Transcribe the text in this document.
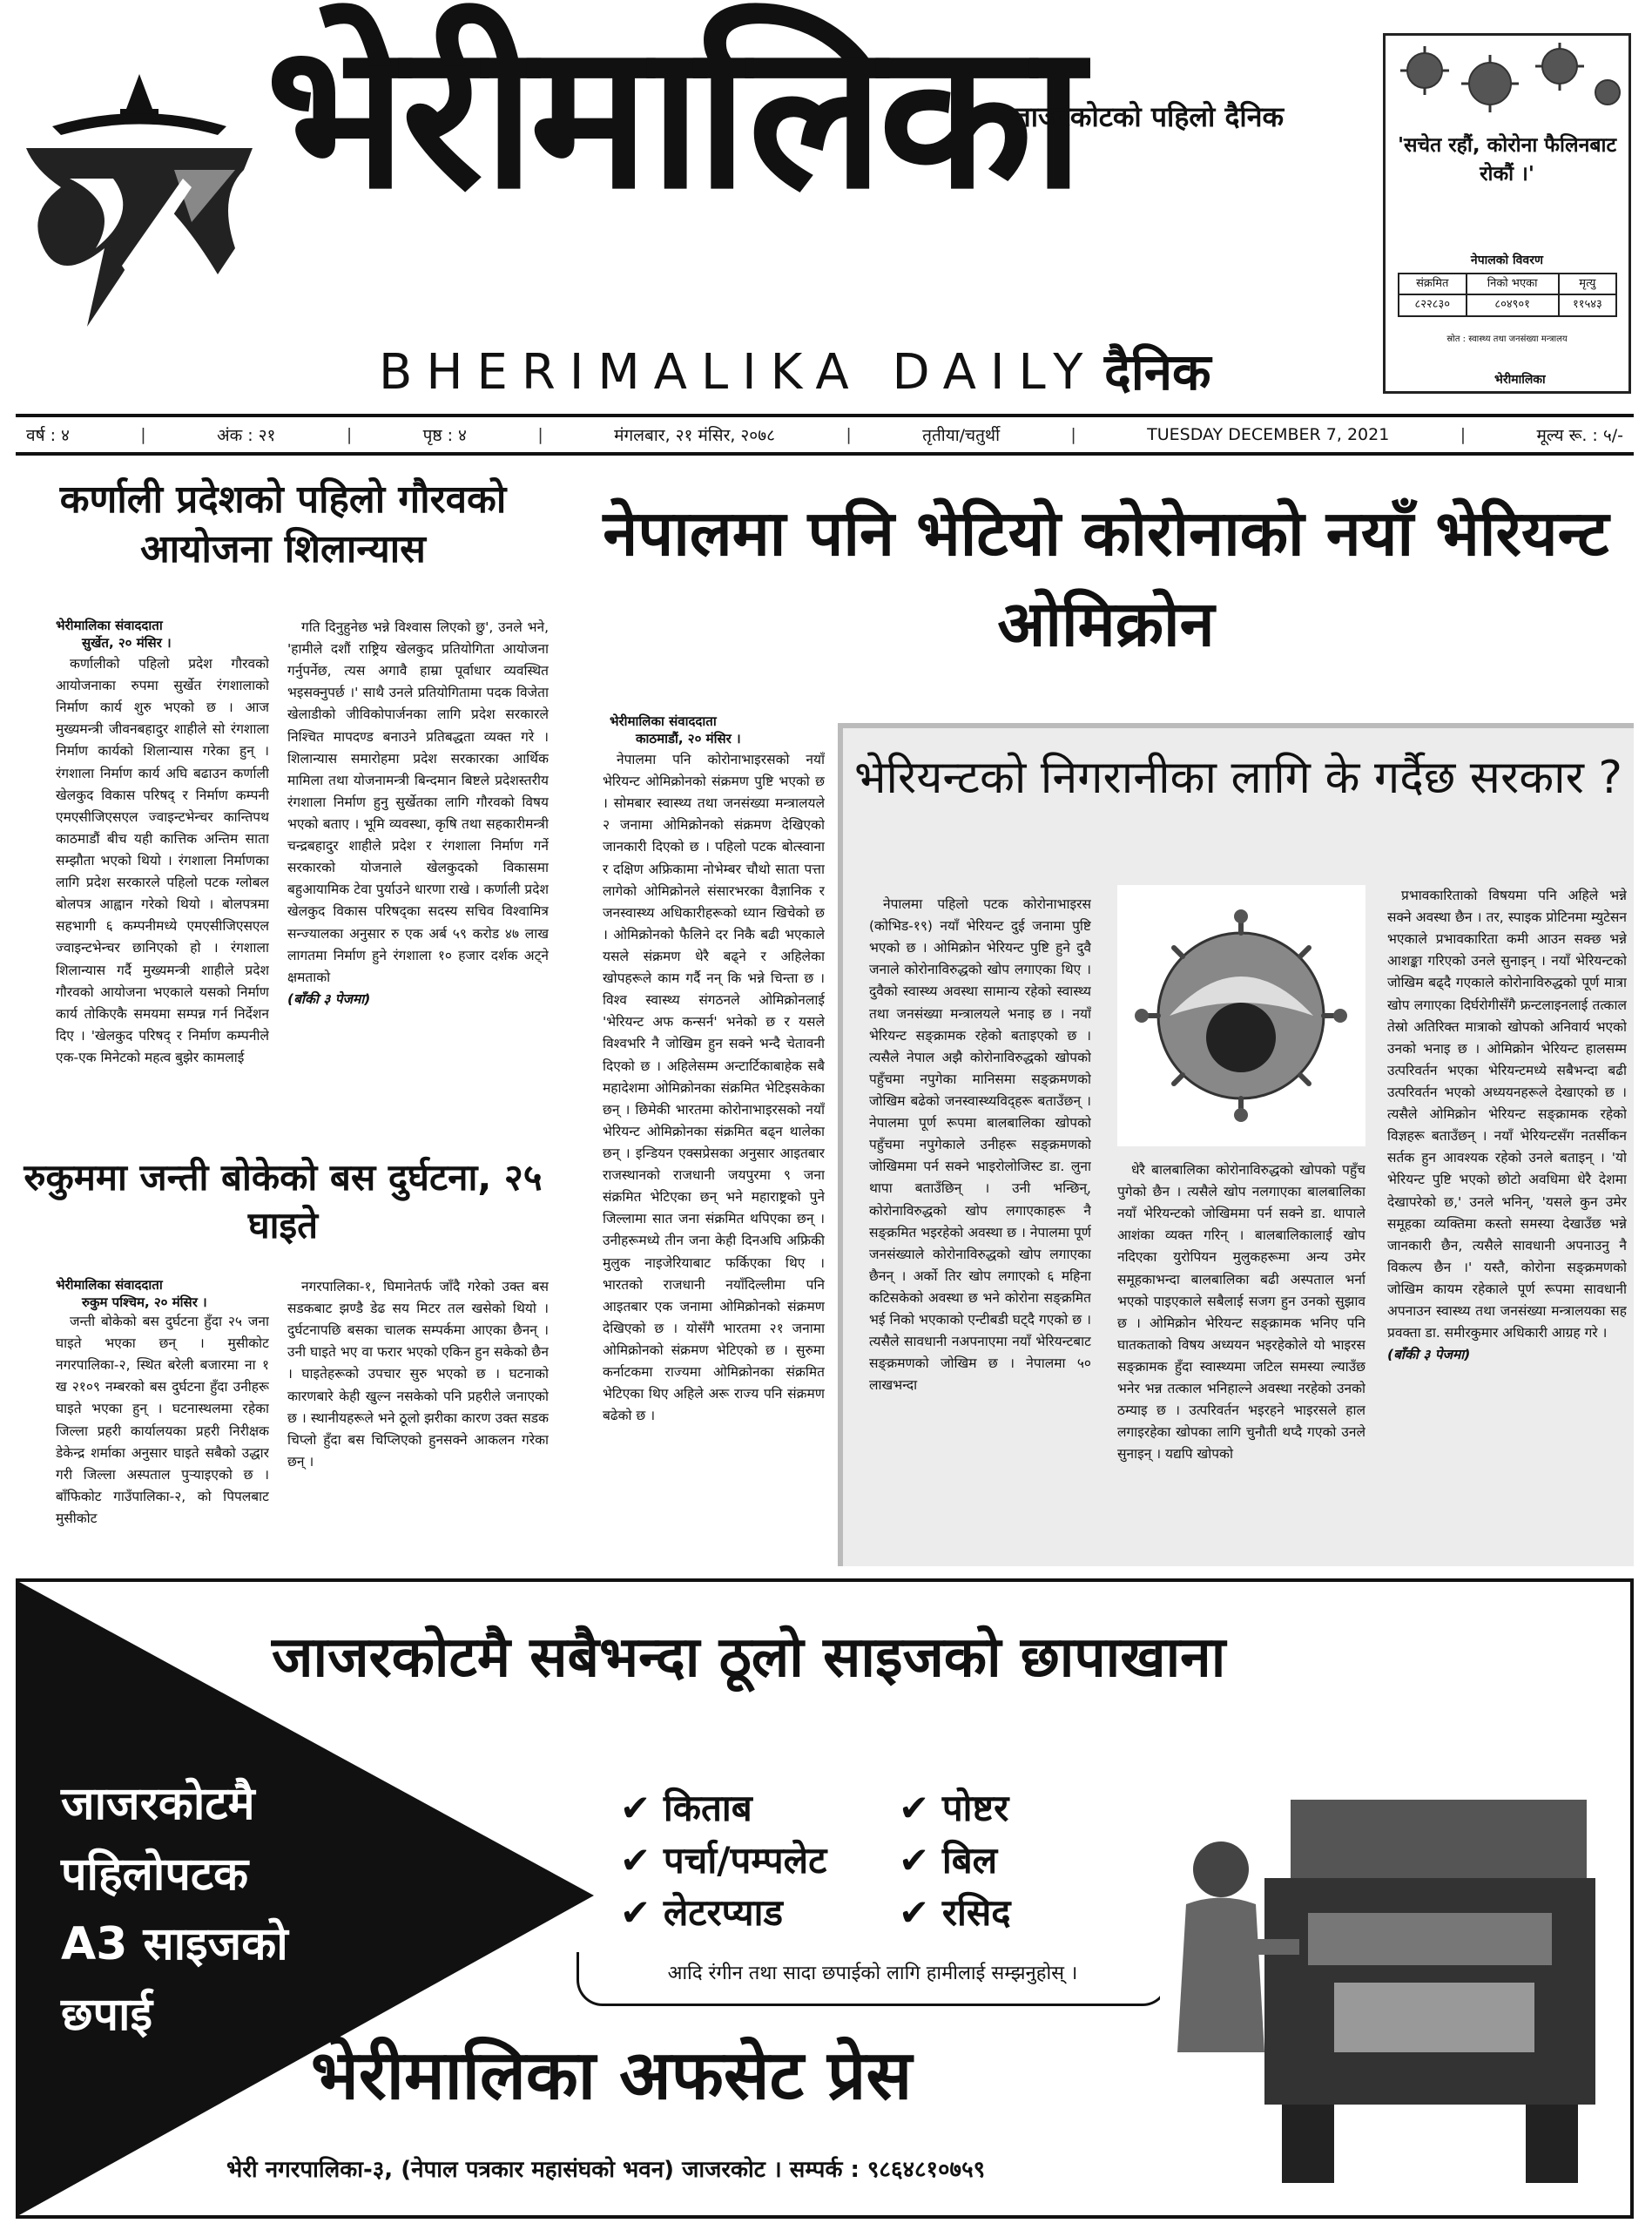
भेरीमालिका
जाजरकोटको पहिलो दैनिक
BHERIMALIKA DAILY दैनिक
'सचेत रहौं, कोरोना फैलिनबाट रोकौं ।'
नेपालको विवरण
संक्रमित	निको भएका	मृत्यु
८२२८३०	८०४९०१	११५४३
स्रोत : स्वास्थ्य तथा जनसंख्या मन्त्रालय
भेरीमालिका
वर्ष : ४	|	अंक : २१	|	पृष्ठ : ४	|	मंगलबार, २१ मंसिर, २०७८	|	तृतीया/चतुर्थी	|	TUESDAY DECEMBER 7, 2021	|	मूल्य रू. : ५/-
कर्णाली प्रदेशको पहिलो गौरवको आयोजना शिलान्यास
भेरीमालिका संवाददाता
सुर्खेत, २० मंसिर ।

कर्णालीको पहिलो प्रदेश गौरवको आयोजनाका रुपमा सुर्खेत रंगशालाको निर्माण कार्य शुरु भएको छ । आज मुख्यमन्त्री जीवनबहादुर शाहीले सो रंगशाला निर्माण कार्यको शिलान्यास गरेका हुन् । रंगशाला निर्माण कार्य अघि बढाउन कर्णाली खेलकुद विकास परिषद् र निर्माण कम्पनी एमएसीजिएसएल ज्वाइन्टभेन्चर कान्तिपथ काठमाडौं बीच यही कात्तिक अन्तिम साता सम्झौता भएको थियो । रंगशाला निर्माणका लागि प्रदेश सरकारले पहिलो पटक ग्लोबल बोलपत्र आह्वान गरेको थियो । बोलपत्रमा सहभागी ६ कम्पनीमध्ये एमएसीजिएसएल ज्वाइन्टभेन्चर छानिएको हो । रंगशाला शिलान्यास गर्दै मुख्यमन्त्री शाहीले प्रदेश गौरवको आयोजना भएकाले यसको निर्माण कार्य तोकिएकै समयमा सम्पन्न गर्न निर्देशन दिए । 'खेलकुद परिषद् र निर्माण कम्पनीले एक-एक मिनेटको महत्व बुझेर कामलाई

गति दिनुहुनेछ भन्ने विश्वास लिएको छु', उनले भने, 'हामीले दशौं राष्ट्रिय खेलकुद प्रतियोगिता आयोजना गर्नुपर्नेछ, त्यस अगावै हाम्रा पूर्वाधार व्यवस्थित भइसक्नुपर्छ ।' साथै उनले प्रतियोगितामा पदक विजेता खेलाडीको जीविकोपार्जनका लागि प्रदेश सरकारले निश्चित मापदण्ड बनाउने प्रतिबद्धता व्यक्त गरे । शिलान्यास समारोहमा प्रदेश सरकारका आर्थिक मामिला तथा योजनामन्त्री बिन्दमान बिष्टले प्रदेशस्तरीय रंगशाला निर्माण हुनु सुर्खेतका लागि गौरवको विषय भएको बताए । भूमि व्यवस्था, कृषि तथा सहकारीमन्त्री चन्द्रबहादुर शाहीले प्रदेश र रंगशाला निर्माण गर्ने सरकारको योजनाले खेलकुदको विकासमा बहुआयामिक टेवा पुर्याउने धारणा राखे । कर्णाली प्रदेश खेलकुद विकास परिषद्का सदस्य सचिव विश्वामित्र सन्ज्यालका अनुसार रु एक अर्ब ५९ करोड ४७ लाख लागतमा निर्माण हुने रंगशाला १० हजार दर्शक अट्ने क्षमताको

(बाँकी ३ पेजमा)
रुकुममा जन्ती बोकेको बस दुर्घटना, २५ घाइते
भेरीमालिका संवाददाता
रुकुम पश्चिम, २० मंसिर ।

जन्ती बोकेको बस दुर्घटना हुँदा २५ जना घाइते भएका छन् । मुसीकोट नगरपालिका-२, स्थित बरेली बजारमा ना १ ख २१०९ नम्बरको बस दुर्घटना हुँदा उनीहरू घाइते भएका हुन् । घटनास्थलमा रहेका जिल्ला प्रहरी कार्यालयका प्रहरी निरीक्षक डेकेन्द्र शर्माका अनुसार घाइते सबैको उद्धार गरी जिल्ला अस्पताल पुऱ्याइएको छ । बाँफिकोट गाउँपालिका-२, को पिपलबाट मुसीकोट

नगरपालिका-१, घिमानेतर्फ जाँदै गरेको उक्त बस सडकबाट झण्डै डेढ सय मिटर तल खसेको थियो । दुर्घटनापछि बसका चालक सम्पर्कमा आएका छैनन् । उनी घाइते भए वा फरार भएको एकिन हुन सकेको छैन । घाइतेहरूको उपचार सुरु भएको छ । घटनाको कारणबारे केही खुल्न नसकेको पनि प्रहरीले जनाएको छ । स्थानीयहरूले भने ठूलो झरीका कारण उक्त सडक चिप्लो हुँदा बस चिप्लिएको हुनसक्ने आकलन गरेका छन् ।

नेपालमा पनि भेटियो कोरोनाको नयाँ भेरियन्ट ओमिक्रोन
भेरीमालिका संवाददाता
काठमाडौं, २० मंसिर ।

नेपालमा पनि कोरोनाभाइरसको नयाँ भेरियन्ट ओमिक्रोनको संक्रमण पुष्टि भएको छ । सोमबार स्वास्थ्य तथा जनसंख्या मन्त्रालयले २ जनामा ओमिक्रोनको संक्रमण देखिएको जानकारी दिएको छ । पहिलो पटक बोत्स्वाना र दक्षिण अफ्रिकामा नोभेम्बर चौथो साता पत्ता लागेको ओमिक्रोनले संसारभरका वैज्ञानिक र जनस्वास्थ्य अधिकारीहरूको ध्यान खिचेको छ । ओमिक्रोनको फैलिने दर निकै बढी भएकाले यसले संक्रमण धेरै बढ्ने र अहिलेका खोपहरूले काम गर्दै नन् कि भन्ने चिन्ता छ । विश्व स्वास्थ्य संगठनले ओमिक्रोनलाई 'भेरियन्ट अफ कन्सर्न' भनेको छ र यसले विश्वभरि नै जोखिम हुन सक्ने भन्दै चेतावनी दिएको छ । अहिलेसम्म अन्टार्टिकाबाहेक सबै महादेशमा ओमिक्रोनका संक्रमित भेटिइसकेका छन् । छिमेकी भारतमा कोरोनाभाइरसको नयाँ भेरियन्ट ओमिक्रोनका संक्रमित बढ्न थालेका छन् । इन्डियन एक्सप्रेसका अनुसार आइतबार राजस्थानको राजधानी जयपुरमा ९ जना संक्रमित भेटिएका छन् भने महाराष्ट्रको पुने जिल्लामा सात जना संक्रमित थपिएका छन् । उनीहरूमध्ये तीन जना केही दिनअघि अफ्रिकी मुलुक नाइजेरियाबाट फर्किएका थिए । भारतको राजधानी नयाँदिल्लीमा पनि आइतबार एक जनामा ओमिक्रोनको संक्रमण देखिएको छ । योसँगै भारतमा २१ जनामा ओमिक्रोनको संक्रमण भेटिएको छ । सुरुमा कर्नाटकमा राज्यमा ओमिक्रोनका संक्रमित भेटिएका थिए अहिले अरू राज्य पनि संक्रमण बढेको छ ।

भेरियन्टको निगरानीका लागि के गर्दैछ सरकार ?

नेपालमा पहिलो पटक कोरोनाभाइरस (कोभिड-१९) नयाँ भेरियन्ट दुई जनामा पुष्टि भएको छ । ओमिक्रोन भेरियन्ट पुष्टि हुने दुवै जनाले कोरोनाविरुद्धको खोप लगाएका थिए । दुवैको स्वास्थ्य अवस्था सामान्य रहेको स्वास्थ्य तथा जनसंख्या मन्त्रालयले भनाइ छ । नयाँ भेरियन्ट सङ्क्रामक रहेको बताइएको छ । त्यसैले नेपाल अझै कोरोनाविरुद्धको खोपको पहुँचमा नपुगेका मानिसमा सङ्क्रमणको जोखिम बढेको जनस्वास्थ्यविद्हरू बताउँछन् । नेपालमा पूर्ण रूपमा बालबालिका खोपको पहुँचमा नपुगेकाले उनीहरू सङ्क्रमणको जोखिममा पर्न सक्ने भाइरोलोजिस्ट डा. लुना थापा बताउँछिन् । उनी भन्छिन्, कोरोनाविरुद्धको खोप लगाएकाहरू नै सङ्क्रमित भइरहेको अवस्था छ । नेपालमा पूर्ण जनसंख्याले कोरोनाविरुद्धको खोप लगाएका छैनन् । अर्को तिर खोप लगाएको ६ महिना कटिसकेको अवस्था छ भने कोरोना सङ्क्रमित भई निको भएकाको एन्टीबडी घट्दै गएको छ । त्यसैले सावधानी नअपनाएमा नयाँ भेरियन्टबाट सङ्क्रमणको जोखिम छ । नेपालमा ५० लाखभन्दा

धेरै बालबालिका कोरोनाविरुद्धको खोपको पहुँच पुगेको छैन । त्यसैले खोप नलगाएका बालबालिका नयाँ भेरियन्टको जोखिममा पर्न सक्ने डा. थापाले आशंका व्यक्त गरिन् । बालबालिकालाई खोप नदिएका युरोपियन मुलुकहरूमा अन्य उमेर समूहकाभन्दा बालबालिका बढी अस्पताल भर्ना भएको पाइएकाले सबैलाई सजग हुन उनको सुझाव छ । ओमिक्रोन भेरियन्ट सङ्क्रामक भनिए पनि घातकताको विषय अध्ययन भइरहेकोले यो भाइरस सङ्क्रामक हुँदा स्वास्थ्यमा जटिल समस्या ल्याउँछ भनेर भन्न तत्काल भनिहाल्ने अवस्था नरहेको उनको ठम्याइ छ । उत्परिवर्तन भइरहने भाइरसले हाल लगाइरहेका खोपका लागि चुनौती थप्दै गएको उनले सुनाइन् । यद्यपि खोपको

प्रभावकारिताको विषयमा पनि अहिले भन्ने सक्ने अवस्था छैन । तर, स्पाइक प्रोटिनमा म्युटेसन भएकाले प्रभावकारिता कमी आउन सक्छ भन्ने आशङ्का गरिएको उनले सुनाइन् । नयाँ भेरियन्टको जोखिम बढ्दै गएकाले कोरोनाविरुद्धको पूर्ण मात्रा खोप लगाएका दिर्घरोगीसँगै फ्रन्टलाइनलाई तत्काल तेस्रो अतिरिक्त मात्राको खोपको अनिवार्य भएको उनको भनाइ छ । ओमिक्रोन भेरियन्ट हालसम्म उत्परिवर्तन भएका भेरियन्टमध्ये सबैभन्दा बढी उत्परिवर्तन भएको अध्ययनहरूले देखाएको छ । त्यसैले ओमिक्रोन भेरियन्ट सङ्क्रामक रहेको विज्ञहरू बताउँछन् । नयाँ भेरियन्टसँग नतर्सीकन सर्तक हुन आवश्यक रहेको उनले बताइन् । 'यो भेरियन्ट पुष्टि भएको छोटो अवधिमा धेरै देशमा देखापरेको छ,' उनले भनिन्, 'यसले कुन उमेर समूहका व्यक्तिमा कस्तो समस्या देखाउँछ भन्ने जानकारी छैन, त्यसैले सावधानी अपनाउनु नै विकल्प छैन ।' यस्तै, कोरोना सङ्क्रमणको जोखिम कायम रहेकाले पूर्ण रूपमा सावधानी अपनाउन स्वास्थ्य तथा जनसंख्या मन्त्रालयका सह प्रवक्ता डा. समीरकुमार अधिकारी आग्रह गरे ।

(बाँकी ३ पेजमा)
जाजरकोटमै सबैभन्दा ठूलो साइजको छापाखाना
जाजरकोटमै
पहिलोपटक
A3 साइजको
छपाई
✔ किताब
✔ पर्चा/पम्पलेट
✔ लेटरप्याड
✔ पोष्टर
✔ बिल
✔ रसिद
आदि रंगीन तथा सादा छपाईको लागि हामीलाई सम्झनुहोस् ।
भेरीमालिका अफसेट प्रेस
भेरी नगरपालिका-३, (नेपाल पत्रकार महासंघको भवन) जाजरकोट । सम्पर्क : ९८६४८१०७५९
